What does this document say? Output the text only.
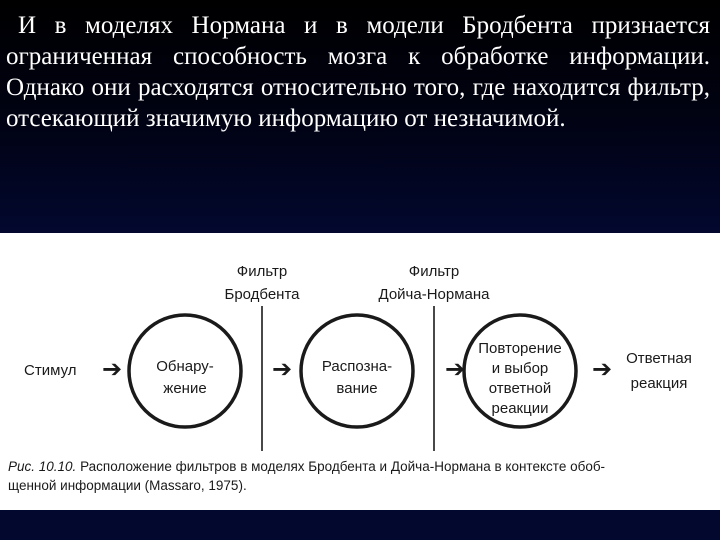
И в моделях Нормана и в модели Бродбента признается ограниченная способность мозга к обработке информации. Однако они расходятся относительно того, где находится фильтр, отсекающий значимую информацию от незначимой.
Фильтр
Бродбента
Фильтр
Дойча-Нормана
Стимул ➔	➔	➔	➔
Обнару-
жение
Распозна-
вание
Повторение
и выбор
ответной
реакции
Ответная
реакция
Рис. 10.10. Расположение фильтров в моделях Бродбента и Дойча-Нормана в контексте обоб-
щенной информации (Massaro, 1975).
